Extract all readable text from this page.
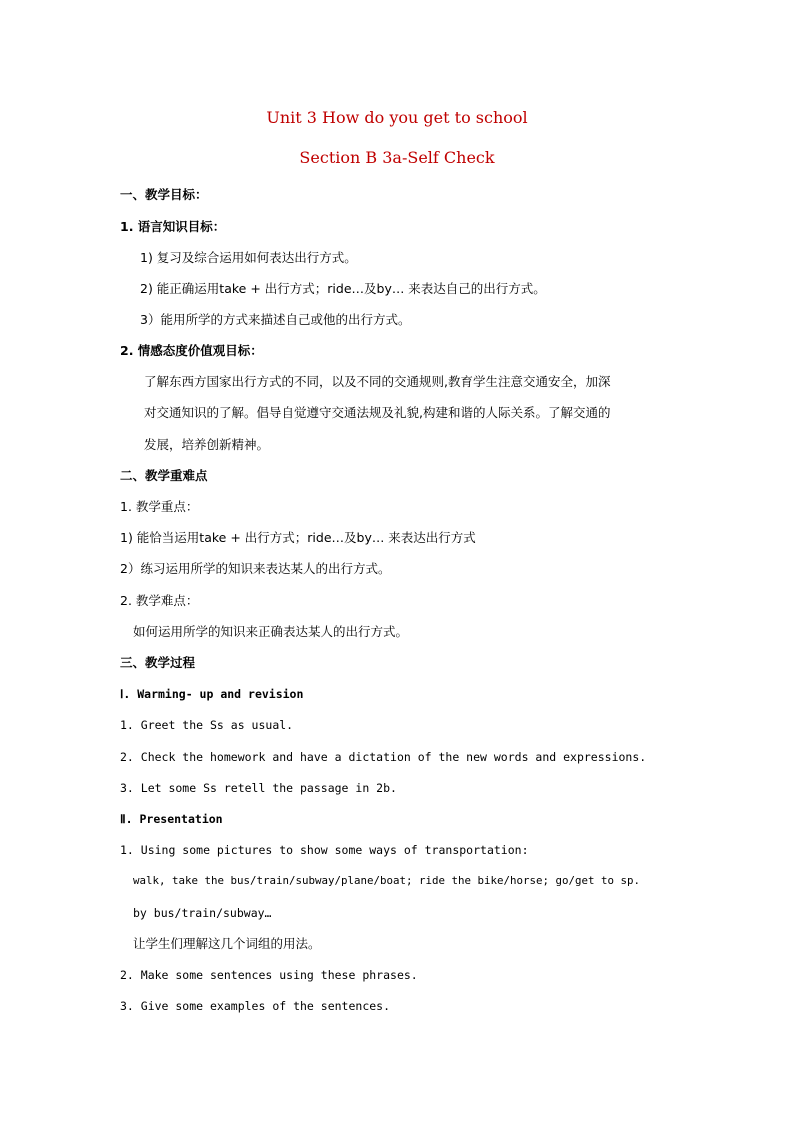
Unit 3 How do you get to school
Section B 3a-Self Check
一、教学目标：
1. 语言知识目标：
1) 复习及综合运用如何表达出行方式。
2) 能正确运用take + 出行方式；ride…及by… 来表达自己的出行方式。
3）能用所学的方式来描述自己或他的出行方式。
2. 情感态度价值观目标：
了解东西方国家出行方式的不同，以及不同的交通规则,教育学生注意交通安全，加深
对交通知识的了解。倡导自觉遵守交通法规及礼貌,构建和谐的人际关系。了解交通的
发展，培养创新精神。
二、教学重难点
1. 教学重点：
1) 能恰当运用take + 出行方式；ride…及by… 来表达出行方式
2）练习运用所学的知识来表达某人的出行方式。
2. 教学难点：
如何运用所学的知识来正确表达某人的出行方式。
三、教学过程
Ⅰ. Warming- up and revision
1. Greet the Ss as usual.
2. Check the homework and have a dictation of the new words and expressions.
3. Let some Ss retell the passage in 2b.
Ⅱ. Presentation
1. Using some pictures to show some ways of transportation:
walk, take the bus/train/subway/plane/boat; ride the bike/horse; go/get to sp.
by bus/train/subway…
让学生们理解这几个词组的用法。
2. Make some sentences using these phrases.
3. Give some examples of the sentences.
